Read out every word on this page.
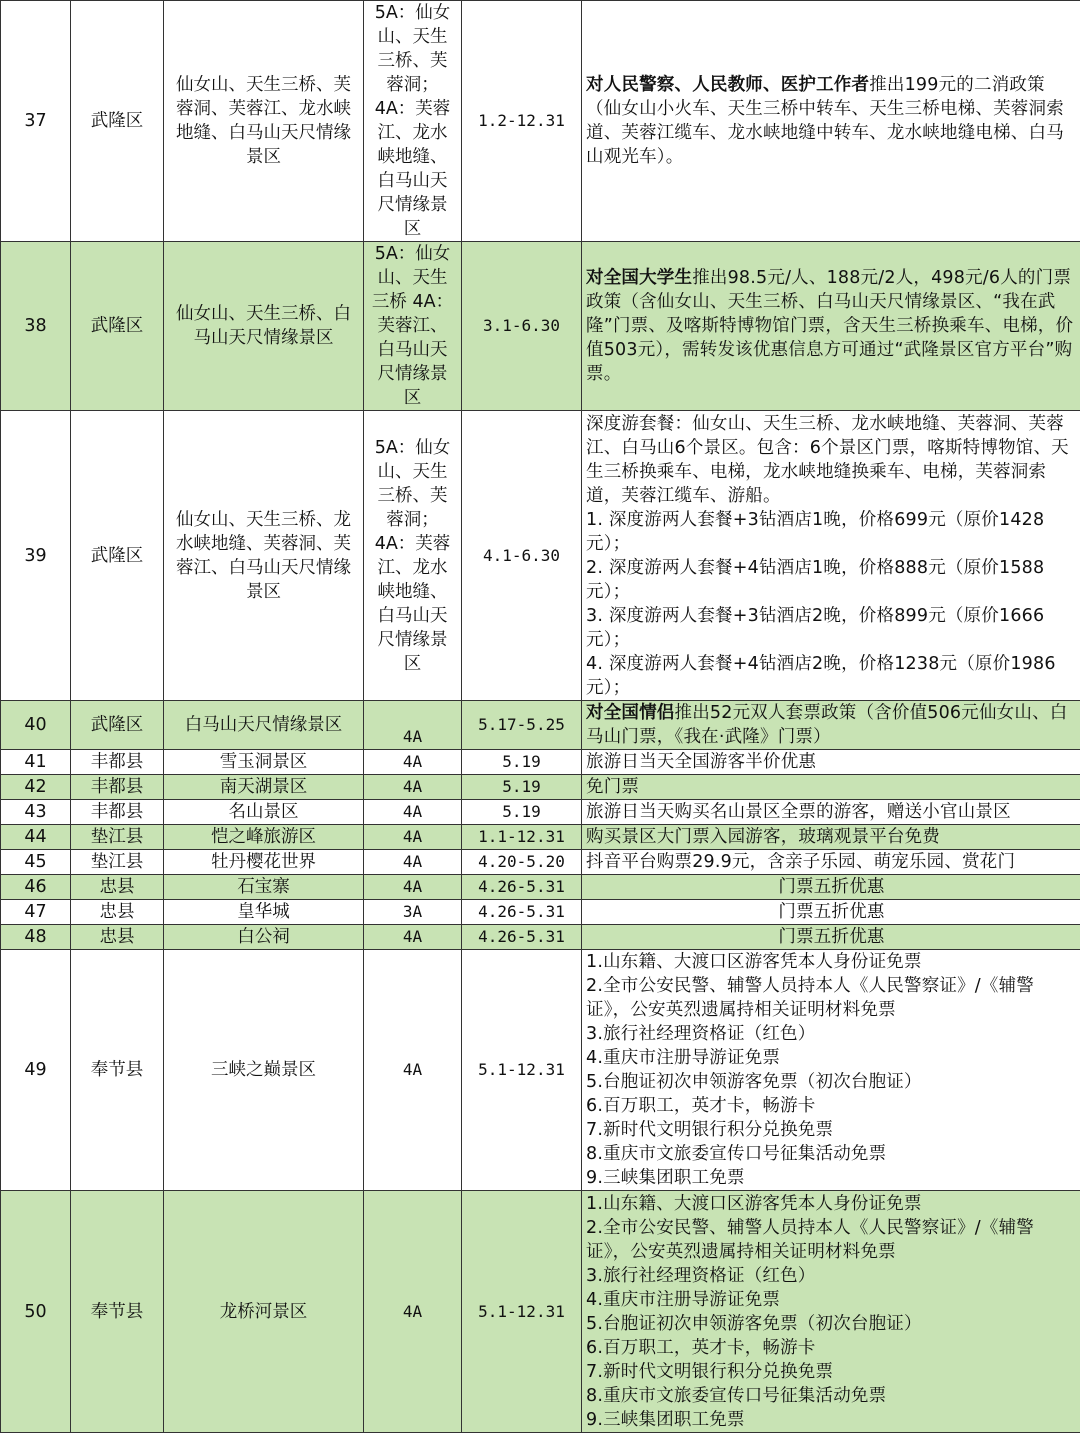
37	武隆区	仙女山、天生三桥、芙蓉洞、芙蓉江、龙水峡地缝、白马山天尺情缘景区	5A：仙女山、天生三桥、芙蓉洞；4A：芙蓉江、龙水峡地缝、白马山天尺情缘景区	1.2-12.31	对人民警察、人民教师、医护工作者推出199元的二消政策（仙女山小火车、天生三桥中转车、天生三桥电梯、芙蓉洞索道、芙蓉江缆车、龙水峡地缝中转车、龙水峡地缝电梯、白马山观光车）。
38	武隆区	仙女山、天生三桥、白马山天尺情缘景区	5A：仙女山、天生三桥 4A：芙蓉江、白马山天尺情缘景区	3.1-6.30	对全国大学生推出98.5元/人、188元/2人，498元/6人的门票政策（含仙女山、天生三桥、白马山天尺情缘景区、“我在武隆”门票、及喀斯特博物馆门票，含天生三桥换乘车、电梯，价值503元），需转发该优惠信息方可通过“武隆景区官方平台”购票。
39	武隆区	仙女山、天生三桥、龙水峡地缝、芙蓉洞、芙蓉江、白马山天尺情缘景区	5A：仙女山、天生三桥、芙蓉洞；4A：芙蓉江、龙水峡地缝、白马山天尺情缘景区	4.1-6.30	深度游套餐：仙女山、天生三桥、龙水峡地缝、芙蓉洞、芙蓉江、白马山6个景区。包含：6个景区门票，喀斯特博物馆、天生三桥换乘车、电梯，龙水峡地缝换乘车、电梯，芙蓉洞索道，芙蓉江缆车、游船。
1. 深度游两人套餐+3钻酒店1晚，价格699元（原价1428元）；
2. 深度游两人套餐+4钻酒店1晚，价格888元（原价1588元）；
3. 深度游两人套餐+3钻酒店2晚，价格899元（原价1666元）；
4. 深度游两人套餐+4钻酒店2晚，价格1238元（原价1986元）；

40	武隆区	白马山天尺情缘景区	4A	5.17-5.25	对全国情侣推出52元双人套票政策（含价值506元仙女山、白马山门票，《我在·武隆》门票）
41	丰都县	雪玉洞景区	4A	5.19	旅游日当天全国游客半价优惠
42	丰都县	南天湖景区	4A	5.19	免门票
43	丰都县	名山景区	4A	5.19	旅游日当天购买名山景区全票的游客，赠送小官山景区
44	垫江县	恺之峰旅游区	4A	1.1-12.31	购买景区大门票入园游客，玻璃观景平台免费
45	垫江县	牡丹樱花世界	4A	4.20-5.20	抖音平台购票29.9元，含亲子乐园、萌宠乐园、赏花门
46	忠县	石宝寨	4A	4.26-5.31	门票五折优惠
47	忠县	皇华城	3A	4.26-5.31	门票五折优惠
48	忠县	白公祠	4A	4.26-5.31	门票五折优惠
49	奉节县	三峡之巅景区	4A	5.1-12.31	
1.山东籍、大渡口区游客凭本人身份证免票
2.全市公安民警、辅警人员持本人《人民警察证》/《辅警证》，公安英烈遗属持相关证明材料免票
3.旅行社经理资格证（红色）
4.重庆市注册导游证免票
5.台胞证初次申领游客免票（初次台胞证）
6.百万职工，英才卡，畅游卡
7.新时代文明银行积分兑换免票
8.重庆市文旅委宣传口号征集活动免票
9.三峡集团职工免票

50	奉节县	龙桥河景区	4A	5.1-12.31	
1.山东籍、大渡口区游客凭本人身份证免票
2.全市公安民警、辅警人员持本人《人民警察证》/《辅警证》，公安英烈遗属持相关证明材料免票
3.旅行社经理资格证（红色）
4.重庆市注册导游证免票
5.台胞证初次申领游客免票（初次台胞证）
6.百万职工，英才卡，畅游卡
7.新时代文明银行积分兑换免票
8.重庆市文旅委宣传口号征集活动免票
9.三峡集团职工免票
